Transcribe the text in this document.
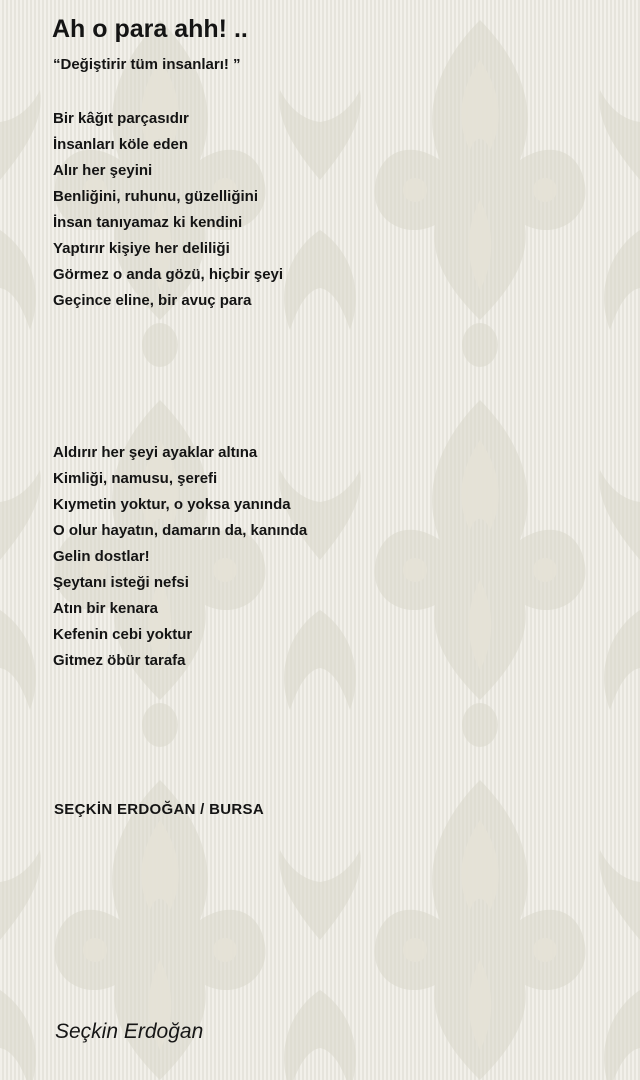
Ah o para ahh! ..
“Değiştirir tüm insanları! ”
Bir kâğıt parçasıdır
İnsanları köle eden
Alır her şeyini
Benliğini, ruhunu, güzelliğini
İnsan tanıyamaz ki kendini
Yaptırır kişiye her deliliği
Görmez o anda gözü, hiçbir şeyi
Geçince eline, bir avuç para
Aldırır her şeyi ayaklar altına
Kimliği, namusu, şerefi
Kıymetin yoktur, o yoksa yanında
O olur hayatın, damarın da, kanında
Gelin dostlar!
Şeytanı isteği nefsi
Atın bir kenara
Kefenin cebi yoktur
Gitmez öbür tarafa
SEÇKİN ERDOĞAN / BURSA
Seçkin Erdoğan
